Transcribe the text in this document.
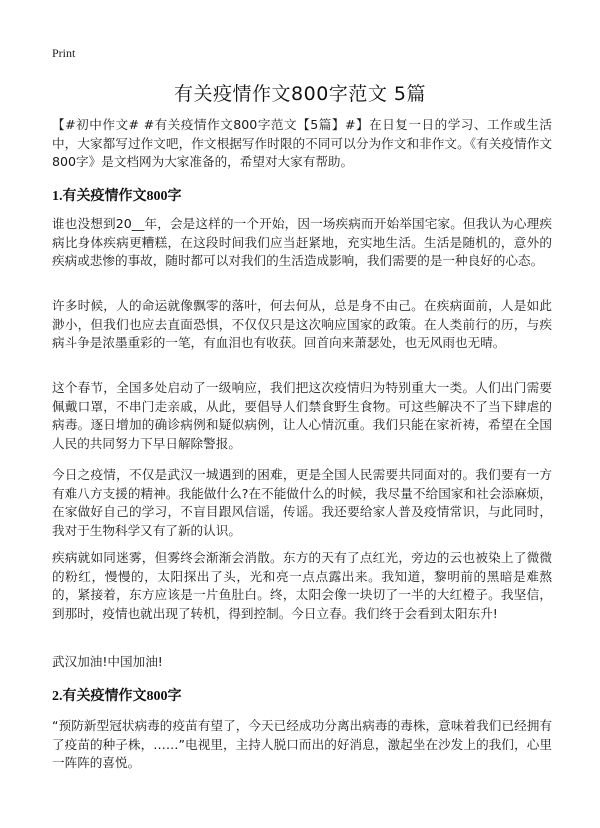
Print
有关疫情作文800字范文 5篇

【#初中作文# #有关疫情作文800字范文【5篇】#】在日复一日的学习、工作或生活中，大家都写过作文吧，作文根据写作时限的不同可以分为作文和非作文。《有关疫情作文800字》是文档网为大家准备的，希望对大家有帮助。

1.有关疫情作文800字

谁也没想到20__年，会是这样的一个开始，因一场疾病而开始举国宅家。但我认为心理疾病比身体疾病更糟糕，在这段时间我们应当赶紧地，充实地生活。生活是随机的，意外的疾病或悲惨的事故，随时都可以对我们的生活造成影响，我们需要的是一种良好的心态。

许多时候，人的命运就像飘零的落叶，何去何从，总是身不由己。在疾病面前，人是如此渺小，但我们也应去直面恐惧，不仅仅只是这次响应国家的政策。在人类前行的历，与疾病斗争是浓墨重彩的一笔，有血泪也有收获。回首向来萧瑟处，也无风雨也无晴。

这个春节，全国多处启动了一级响应，我们把这次疫情归为特别重大一类。人们出门需要佩戴口罩，不串门走亲戚，从此，要倡导人们禁食野生食物。可这些解决不了当下肆虐的病毒。逐日增加的确诊病例和疑似病例，让人心情沉重。我们只能在家祈祷，希望在全国人民的共同努力下早日解除警报。

今日之疫情，不仅是武汉一城遇到的困难，更是全国人民需要共同面对的。我们要有一方有难八方支援的精神。我能做什么?在不能做什么的时候，我尽量不给国家和社会添麻烦，在家做好自己的学习，不盲目跟风信谣，传谣。我还要给家人普及疫情常识，与此同时，我对于生物科学又有了新的认识。

疾病就如同迷雾，但雾终会渐渐会消散。东方的天有了点红光，旁边的云也被染上了微微的粉红，慢慢的，太阳探出了头，光和亮一点点露出来。我知道，黎明前的黑暗是难熬的，紧接着，东方应该是一片鱼肚白。终，太阳会像一块切了一半的大红橙子。我坚信，到那时，疫情也就出现了转机，得到控制。今日立春。我们终于会看到太阳东升!

武汉加油!中国加油!

2.有关疫情作文800字

“预防新型冠状病毒的疫苗有望了，今天已经成功分离出病毒的毒株，意味着我们已经拥有了疫苗的种子株，……”电视里，主持人脱口而出的好消息，激起坐在沙发上的我们，心里一阵阵的喜悦。
